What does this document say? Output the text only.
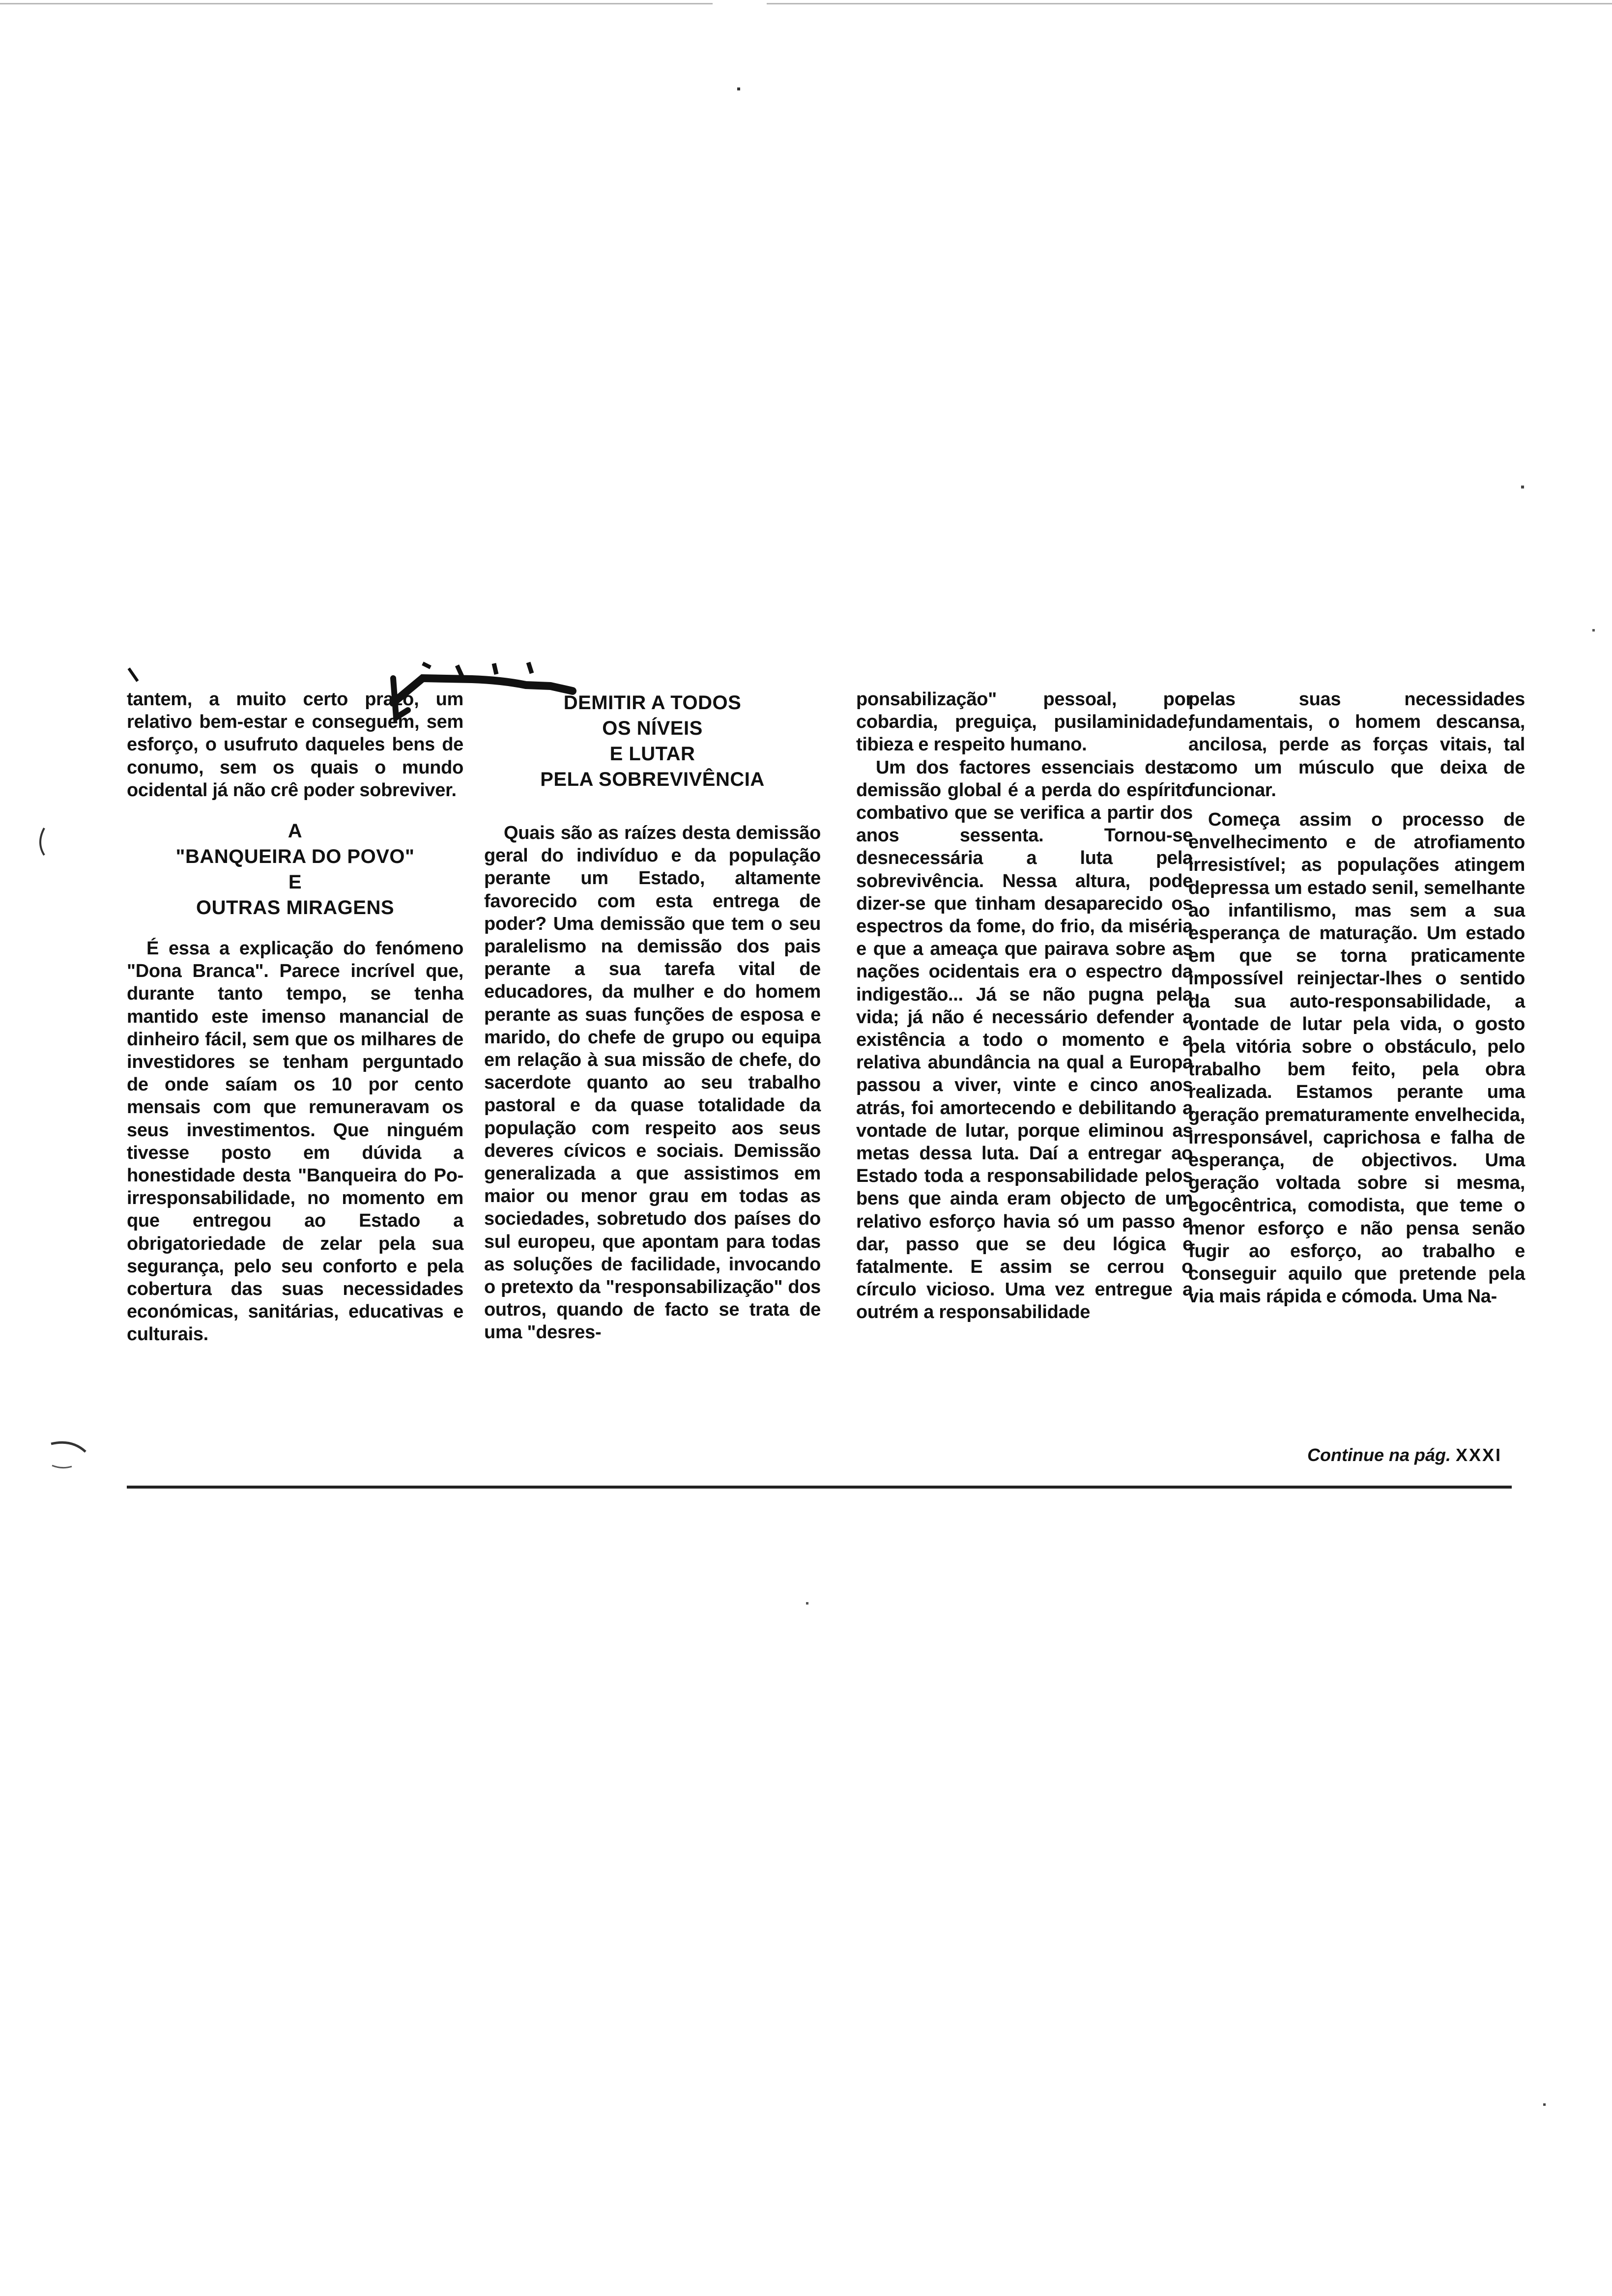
tantem, a muito certo prazo, um relativo bem-estar e conseguem, sem esforço, o usufruto daqueles bens de conumo, sem os quais o mundo ocidental já não crê poder sobreviver.

A
"BANQUEIRA DO POVO"
E
OUTRAS MIRAGENS

É essa a explicação do fenómeno "Dona Branca". Parece incrível que, durante tanto tempo, se tenha mantido este imenso manancial de dinheiro fácil, sem que os milhares de investidores se tenham perguntado de onde saíam os 10 por cento mensais com que remuneravam os seus investimentos. Que ninguém tivesse posto em dúvida a honestidade desta "Banqueira do Po- irresponsabilidade, no momento em que entregou ao Estado a obrigatoriedade de zelar pela sua segurança, pelo seu conforto e pela cobertura das suas necessidades económicas, sanitárias, educativas e culturais.

DEMITIR A TODOS
OS NÍVEIS
E LUTAR
PELA SOBREVIVÊNCIA

Quais são as raízes desta demissão geral do indivíduo e da população perante um Estado, altamente favorecido com esta entrega de poder? Uma demissão que tem o seu paralelismo na demissão dos pais perante a sua tarefa vital de educadores, da mulher e do homem perante as suas funções de esposa e marido, do chefe de grupo ou equipa em relação à sua missão de chefe, do sacerdote quanto ao seu trabalho pastoral e da quase totalidade da população com respeito aos seus deveres cívicos e sociais. Demissão generalizada a que assistimos em maior ou menor grau em todas as sociedades, sobretudo dos países do sul europeu, que apontam para todas as soluções de facilidade, invocando o pretexto da "responsabilização" dos outros, quando de facto se trata de uma "desres-

ponsabilização" pessoal, por cobardia, preguiça, pusilaminidade, tibieza e respeito humano.

Um dos factores essenciais desta demissão global é a perda do espírito combativo que se verifica a partir dos anos sessenta. Tornou-se desnecessária a luta pela sobrevivência. Nessa altura, pode dizer-se que tinham desaparecido os espectros da fome, do frio, da miséria e que a ameaça que pairava sobre as nações ocidentais era o espectro da indigestão... Já se não pugna pela vida; já não é necessário defender a existência a todo o momento e a relativa abundância na qual a Europa passou a viver, vinte e cinco anos atrás, foi amortecendo e debilitando a vontade de lutar, porque eliminou as metas dessa luta. Daí a entregar ao Estado toda a responsabilidade pelos bens que ainda eram objecto de um relativo esforço havia só um passo a dar, passo que se deu lógica e fatalmente. E assim se cerrou o círculo vicioso. Uma vez entregue a outrém a responsabilidade

pelas suas necessidades fundamentais, o homem descansa, ancilosa, perde as forças vitais, tal como um músculo que deixa de funcionar.

Começa assim o processo de envelhecimento e de atrofiamento irresistível; as populações atingem depressa um estado senil, semelhante ao infantilismo, mas sem a sua esperança de maturação. Um estado em que se torna praticamente impossível reinjectar-lhes o sentido da sua auto-responsabilidade, a vontade de lutar pela vida, o gosto pela vitória sobre o obstáculo, pelo trabalho bem feito, pela obra realizada. Estamos perante uma geração prematuramente envelhecida, irresponsável, caprichosa e falha de esperança, de objectivos. Uma geração voltada sobre si mesma, egocêntrica, comodista, que teme o menor esforço e não pensa senão fugir ao esforço, ao trabalho e conseguir aquilo que pretende pela via mais rápida e cómoda. Uma Na-

Continue na pág. XXXI
